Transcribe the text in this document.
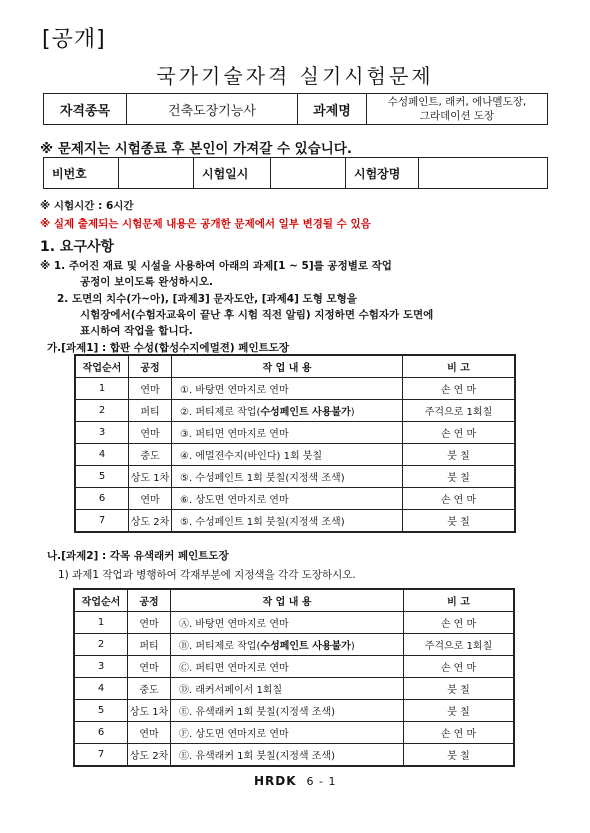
[공개]
국가기술자격 실기시험문제
자격종목	건축도장기능사	과제명	
수성페인트, 래커, 에나멜도장,
그라데이션 도장
※ 문제지는 시험종료 후 본인이 가져갈 수 있습니다.
비번호		시험일시		시험장명	
※ 시험시간 : 6시간
※ 실제 출제되는 시험문제 내용은 공개한 문제에서 일부 변경될 수 있음
1. 요구사항
※ 1. 주어진 재료 및 시설을 사용하여 아래의 과제[1 ~ 5]를 공정별로 작업
공정이 보이도록 완성하시오.
2. 도면의 치수(가~아), [과제3] 문자도안, [과제4] 도형 모형을
시험장에서(수험자교육이 끝난 후 시험 직전 알림) 지정하면 수험자가 도면에
표시하여 작업을 합니다.
가.[과제1] : 합판 수성(합성수지에멀젼) 페인트도장
작업순서	공정	작 업 내 용	비 고
1	연마	①. 바탕면 연마지로 연마	손 연 마
2	퍼티	②. 퍼티제로 작업(수성페인트 사용불가)	주걱으로 1회칠
3	연마	③. 퍼티면 연마지로 연마	손 연 마
4	중도	④. 에멀젼수지(바인다) 1회 붓칠	붓 칠
5	상도 1차	⑤. 수성페인트 1회 붓칠(지정색 조색)	붓 칠
6	연마	⑥. 상도면 연마지로 연마	손 연 마
7	상도 2차	⑤. 수성페인트 1회 붓칠(지정색 조색)	붓 칠
나.[과제2] : 각목 유색래커 페인트도장
1) 과제1 작업과 병행하여 각재부분에 지정색을 각각 도장하시오.
작업순서	공정	작 업 내 용	비 고
1	연마	Ⓐ. 바탕면 연마지로 연마	손 연 마
2	퍼티	Ⓑ. 퍼티제로 작업(수성페인트 사용불가)	주걱으로 1회칠
3	연마	Ⓒ. 퍼티면 연마지로 연마	손 연 마
4	중도	Ⓓ. 래커서페이서 1회칠	붓 칠
5	상도 1차	Ⓔ. 유색래커 1회 붓칠(지정색 조색)	붓 칠
6	연마	Ⓕ. 상도면 연마지로 연마	손 연 마
7	상도 2차	Ⓔ. 유색래커 1회 붓칠(지정색 조색)	붓 칠
HRDK 6 - 1
